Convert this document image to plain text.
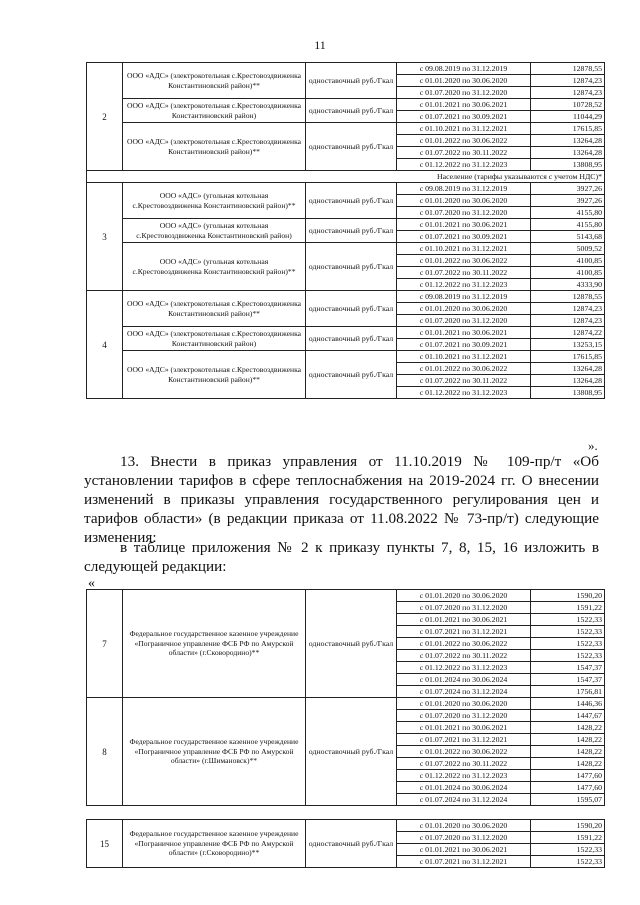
11
2	ООО «АДС» (электрокотельная с.Крестовоздвиженка Константиновский район)**	одноставочный руб./Гкал	с 09.08.2019 по 31.12.2019	12878,55
			с 01.01.2020 по 30.06.2020	12874,23
			с 01.07.2020 по 31.12.2020	12874,23
	ООО «АДС» (электрокотельная с.Крестовоздвиженка Константиновский район)	одноставочный руб./Гкал	с 01.01.2021 по 30.06.2021	10728,52
			с 01.07.2021 по 30.09.2021	11044,29
	ООО «АДС» (электрокотельная с.Крестовоздвиженка Константиновский район)**	одноставочный руб./Гкал	с 01.10.2021 по 31.12.2021	17615,85
			с 01.01.2022 по 30.06.2022	13264,28
			с 01.07.2022 по 30.11.2022	13264,28
			с 01.12.2022 по 31.12.2023	13808,95
Население (тарифы указываются с учетом НДС)*				
3	ООО «АДС» (угольная котельная с.Крестовоздвиженка Константиновский район)**	одноставочный руб./Гкал	с 09.08.2019 по 31.12.2019	3927,26
			с 01.01.2020 по 30.06.2020	3927,26
			с 01.07.2020 по 31.12.2020	4155,80
	ООО «АДС» (угольная котельная с.Крестовоздвиженка Константиновский район)	одноставочный руб./Гкал	с 01.01.2021 по 30.06.2021	4155,80
			с 01.07.2021 по 30.09.2021	5143,68
	ООО «АДС» (угольная котельная с.Крестовоздвиженка Константиновский район)**	одноставочный руб./Гкал	с 01.10.2021 по 31.12.2021	5009,52
			с 01.01.2022 по 30.06.2022	4100,85
			с 01.07.2022 по 30.11.2022	4100,85
			с 01.12.2022 по 31.12.2023	4333,90
4	ООО «АДС» (электрокотельная с.Крестовоздвиженка Константиновский район)**	одноставочный руб./Гкал	с 09.08.2019 по 31.12.2019	12878,55
			с 01.01.2020 по 30.06.2020	12874,23
			с 01.07.2020 по 31.12.2020	12874,23
	ООО «АДС» (электрокотельная с.Крестовоздвиженка Константиновский район)	одноставочный руб./Гкал	с 01.01.2021 по 30.06.2021	12874,22
			с 01.07.2021 по 30.09.2021	13253,15
	ООО «АДС» (электрокотельная с.Крестовоздвиженка Константиновский район)**	одноставочный руб./Гкал	с 01.10.2021 по 31.12.2021	17615,85
			с 01.01.2022 по 30.06.2022	13264,28
			с 01.07.2022 по 30.11.2022	13264,28
			с 01.12.2022 по 31.12.2023	13808,95
».
13. Внести в приказ управления от 11.10.2019 № 109-пр/т «Об установлении тарифов в сфере теплоснабжения на 2019-2024 гг. О внесении изменений в приказы управления государственного регулирования цен и тарифов области» (в редакции приказа от 11.08.2022 № 73-пр/т) следующие изменения:
в таблице приложения № 2 к приказу пункты 7, 8, 15, 16 изложить в следующей редакции:
«
7	Федеральное государственное казенное учреждение «Пограничное управление ФСБ РФ по Амурской области» (г.Сковородино)**	одноставочный руб./Гкал	с 01.01.2020 по 30.06.2020	1590,20
			с 01.07.2020 по 31.12.2020	1591,22
			с 01.01.2021 по 30.06.2021	1522,33
			с 01.07.2021 по 31.12.2021	1522,33
			с 01.01.2022 по 30.06.2022	1522,33
			с 01.07.2022 по 30.11.2022	1522,33
			с 01.12.2022 по 31.12.2023	1547,37
			с 01.01.2024 по 30.06.2024	1547,37
			с 01.07.2024 по 31.12.2024	1756,81
8	Федеральное государственное казенное учреждение «Пограничное управление ФСБ РФ по Амурской области» (г.Шимановск)**	одноставочный руб./Гкал	с 01.01.2020 по 30.06.2020	1446,36
			с 01.07.2020 по 31.12.2020	1447,67
			с 01.01.2021 по 30.06.2021	1428,22
			с 01.07.2021 по 31.12.2021	1428,22
			с 01.01.2022 по 30.06.2022	1428,22
			с 01.07.2022 по 30.11.2022	1428,22
			с 01.12.2022 по 31.12.2023	1477,60
			с 01.01.2024 по 30.06.2024	1477,60
			с 01.07.2024 по 31.12.2024	1595,07
15	Федеральное государственное казенное учреждение «Пограничное управление ФСБ РФ по Амурской области» (г.Сковородино)**	одноставочный руб./Гкал	с 01.01.2020 по 30.06.2020	1590,20
			с 01.07.2020 по 31.12.2020	1591,22
			с 01.01.2021 по 30.06.2021	1522,33
			с 01.07.2021 по 31.12.2021	1522,33
